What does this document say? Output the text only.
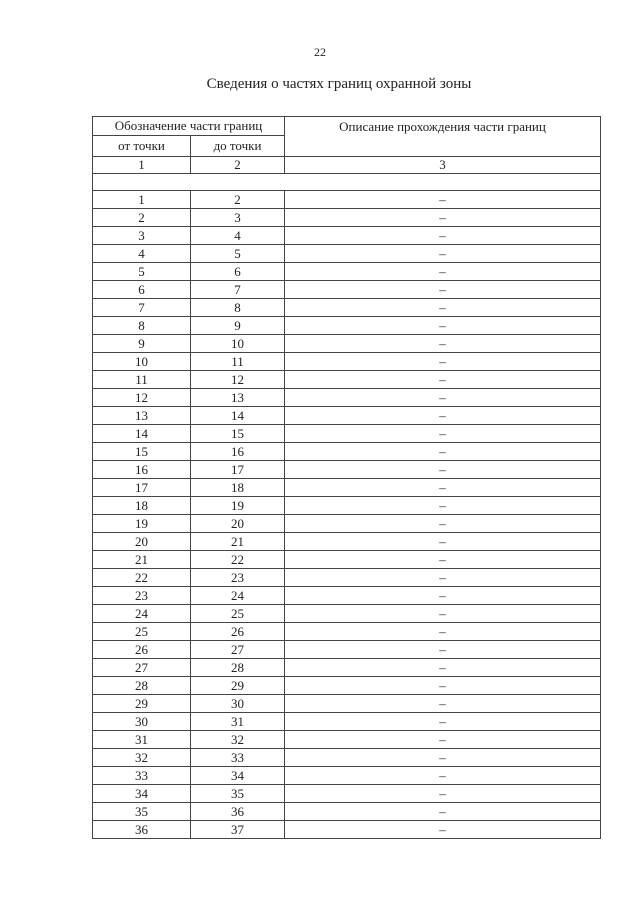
22
Сведения о частях границ охранной зоны
Обозначение части границ		Описание прохождения части границ
от точки	до точки	
1	2	3

1	2	–
2	3	–
3	4	–
4	5	–
5	6	–
6	7	–
7	8	–
8	9	–
9	10	–
10	11	–
11	12	–
12	13	–
13	14	–
14	15	–
15	16	–
16	17	–
17	18	–
18	19	–
19	20	–
20	21	–
21	22	–
22	23	–
23	24	–
24	25	–
25	26	–
26	27	–
27	28	–
28	29	–
29	30	–
30	31	–
31	32	–
32	33	–
33	34	–
34	35	–
35	36	–
36	37	–
